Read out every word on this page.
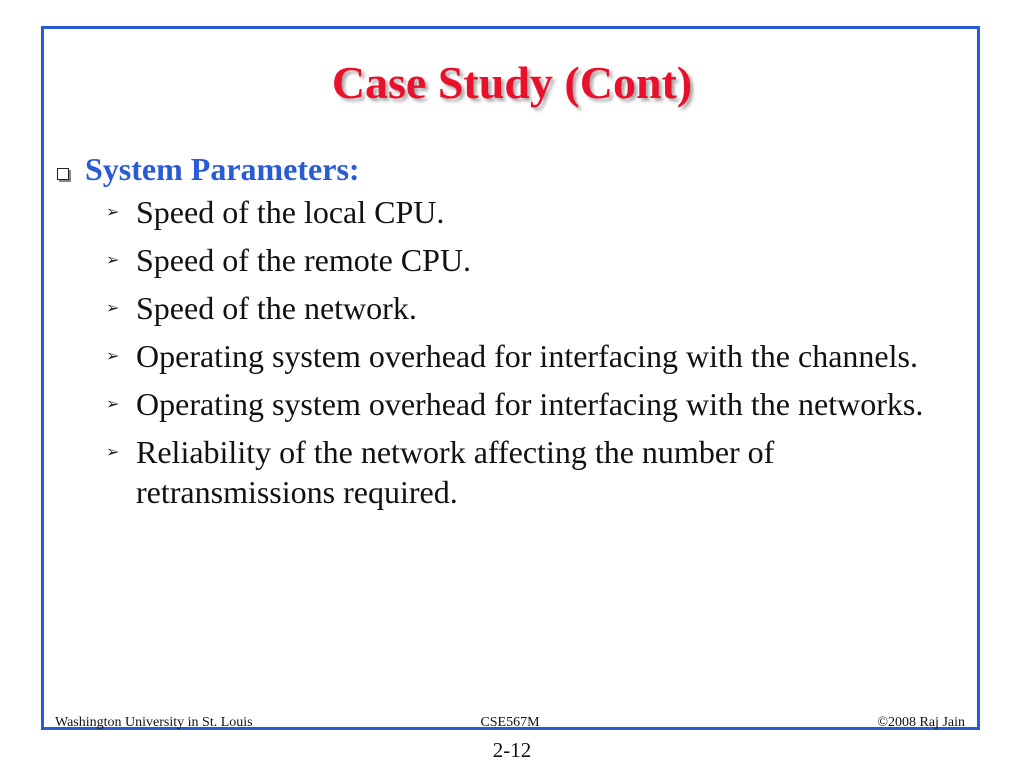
Case Study (Cont)
System Parameters:
➢ Speed of the local CPU.
➢ Speed of the remote CPU.
➢ Speed of the network.
➢ Operating system overhead for interfacing with the channels.
➢ Operating system overhead for interfacing with the networks.
➢ Reliability of the network affecting the number of retransmissions required.
Washington University in St. Louis	CSE567M	©2008 Raj Jain
2-12
